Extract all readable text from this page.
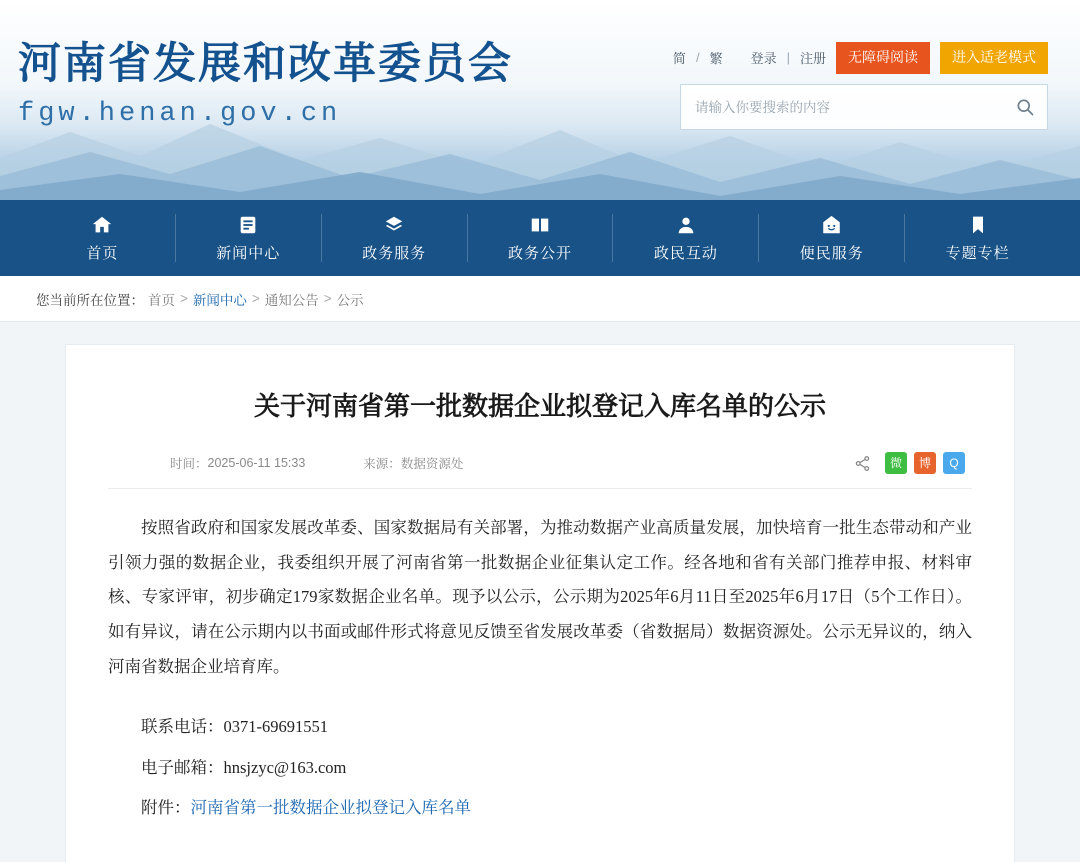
河南省发展和改革委员会
fgw.henan.gov.cn
简 / 繁 登录 | 注册	无障碍阅读	进入适老模式
请输入你要搜索的内容
首页	新闻中心	政务服务	政务公开	政民互动	便民服务	专题专栏
您当前所在位置： 首页 > 新闻中心 > 通知公告 > 公示
关于河南省第一批数据企业拟登记入库名单的公示
时间： 2025-06-11 15:33	来源： 数据资源处	微 博 Q

按照省政府和国家发展改革委、国家数据局有关部署，为推动数据产业高质量发展，加快培育一批生态带动和产业引领力强的数据企业，我委组织开展了河南省第一批数据企业征集认定工作。经各地和省有关部门推荐申报、材料审核、专家评审，初步确定179家数据企业名单。现予以公示，公示期为2025年6月11日至2025年6月17日（5个工作日）。如有异议，请在公示期内以书面或邮件形式将意见反馈至省发展改革委（省数据局）数据资源处。公示无异议的，纳入河南省数据企业培育库。

联系电话：0371-69691551

电子邮箱：hnsjzyc@163.com

附件：河南省第一批数据企业拟登记入库名单
